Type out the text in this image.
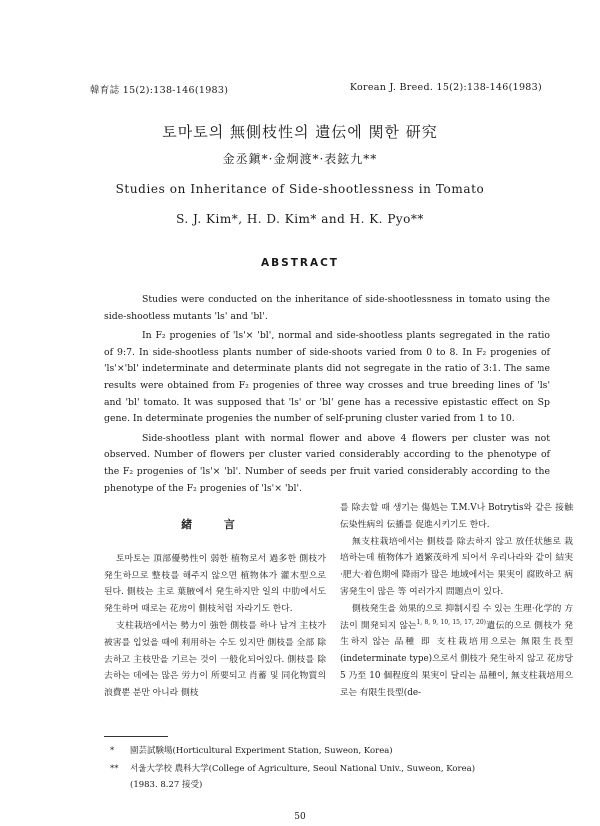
韓育誌 15(2):138-146(1983)	Korean J. Breed. 15(2):138-146(1983)
토마토의 無側枝性의 遺伝에 関한 研究
金丞鎭*·金炯渡*·表鉉九**
Studies on Inheritance of Side-shootlessness in Tomato
S. J. Kim*, H. D. Kim* and H. K. Pyo**
ABSTRACT

Studies were conducted on the inheritance of side-shootlessness in tomato using the side-shootless mutants 'ls' and 'bl'.

In F₂ progenies of 'ls'× 'bl', normal and side-shootless plants segregated in the ratio of 9:7. In side-shootless plants number of side-shoots varied from 0 to 8. In F₂ progenies of 'ls'×'bl' indeterminate and determinate plants did not segregate in the ratio of 3:1. The same results were obtained from F₂ progenies of three way crosses and true breeding lines of 'ls' and 'bl' tomato. It was supposed that 'ls' or 'bl' gene has a recessive epistastic effect on Sp gene. In determinate progenies the number of self-pruning cluster varied from 1 to 10.

Side-shootless plant with normal flower and above 4 flowers per cluster was not observed. Number of flowers per cluster varied considerably according to the phenotype of the F₂ progenies of 'ls'× 'bl'. Number of seeds per fruit varied considerably according to the phenotype of the F₂ progenies of 'ls'× 'bl'.

緒 言

토마토는 頂部優勢性이 弱한 植物로서 過多한 側枝가 発生하므로 整枝를 해주지 않으면 植物体가 灌木型으로 된다. 側枝는 主로 葉腋에서 発生하지만 일의 中肋에서도 発生하며 때로는 花房이 側枝처럼 자라기도 한다.

支柱栽培에서는 勢力이 強한 側枝를 하나 남겨 主枝가 被害를 입었을 때에 利用하는 수도 있지만 側枝를 全部 除去하고 主枝만을 기르는 것이 一般化되어있다. 側枝를 除去하는 데에는 많은 労力이 所要되고 肖蓄 및 同化物質의 浪費뿐 분만 아니라 側枝

를 除去할 때 생기는 傷処는 T.M.V나 Botrytis와 같은 接触伝染性病의 伝播를 促進시키기도 한다.

無支柱栽培에서는 側枝를 除去하지 않고 放任状態로 栽培하는데 植物体가 過繁茂하게 되어서 우리나라와 같이 結実·肥大·着色期에 降雨가 많은 地域에서는 果実이 腐敗하고 病害発生이 많은 等 여러가지 問題点이 있다.

側枝発生을 効果的으로 抑制시킬 수 있는 生理·化学的 方法이 開発되지 않는$^{1, 8, 9, 10, 15, 17, 20)}$遺伝的으로 側枝가 発生하지 않는 品種 即 支柱栽培用으로는 無限生長型(indeterminate type)으로서 側枝가 発生하지 않고 花房당 5 乃至 10 個程度의 果実이 달리는 品種이, 無支柱栽培用으로는 有限生長型(de-

* 園芸試験場(Horticultural Experiment Station, Suweon, Korea)
** 서울大学校 農科大学(College of Agriculture, Seoul National Univ., Suweon, Korea)
(1983. 8.27 接受)
50
